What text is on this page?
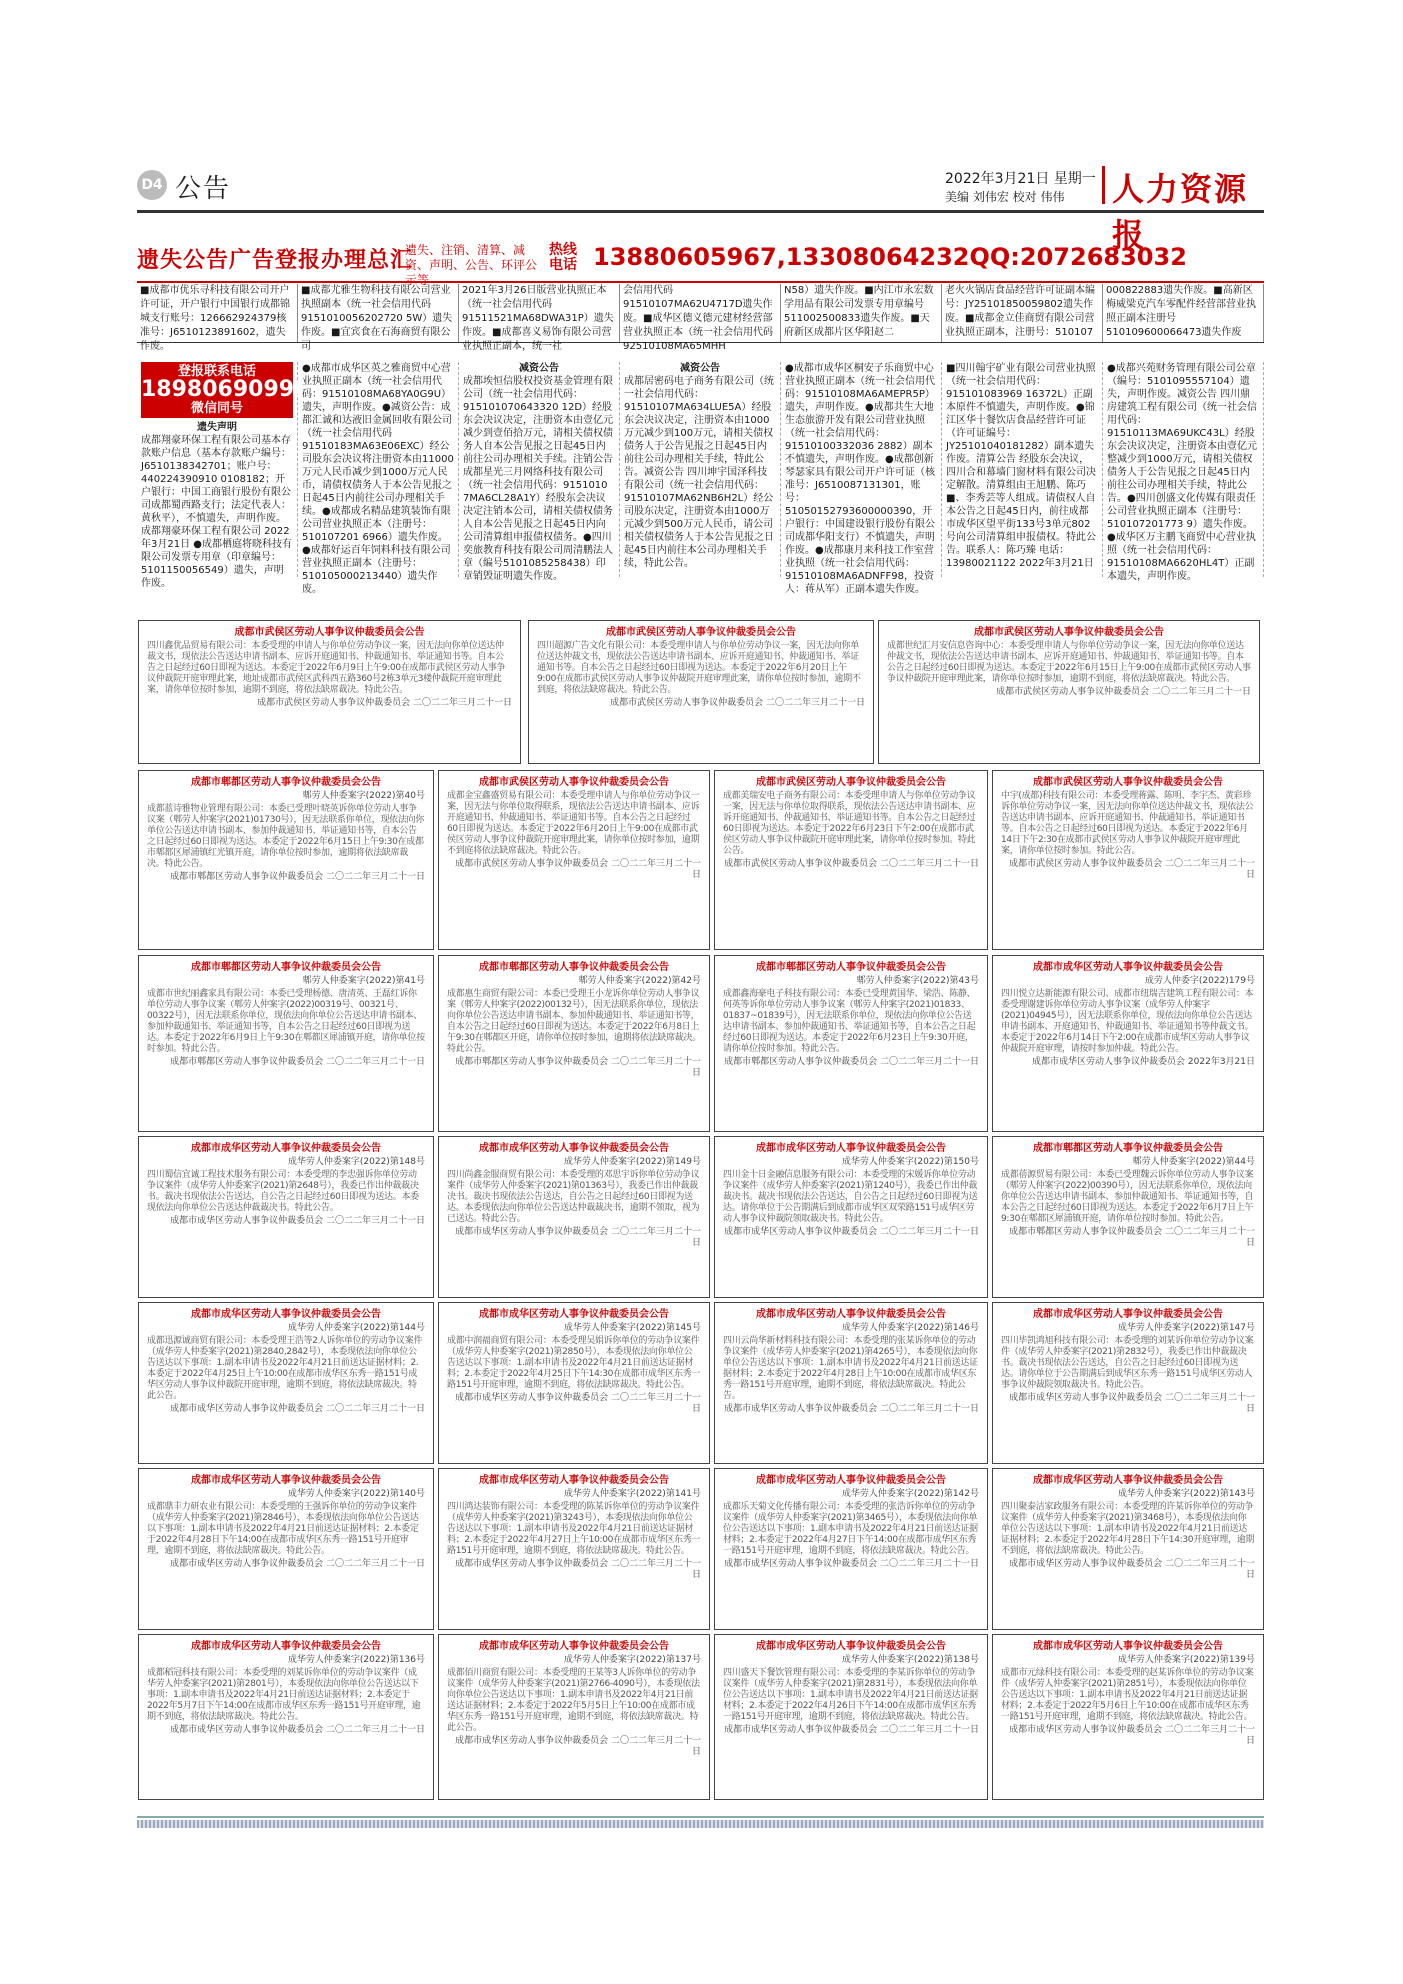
D4 公告	2022年3月21日 星期一
美编 刘伟宏 校对 伟伟 人力资源报
遗失公告广告登报办理总汇
遗失、注销、清算、减资、声明、公告、环评公示等
热线电话 13880605967,13308064232QQ:2072683032
■成都市优乐寻科技有限公司开户许可证，开户银行中国银行成都锦城支行账号：126662924379核准号：J6510123891602，遗失作废。
■成都尤雅生物科技有限公司营业执照副本（统一社会信用代码9151010056202720 5W）遗失作废。■宜宾食在石海商贸有限公司
2021年3月26日版营业执照正本（统一社会信用代码91511521MA68DWA31P）遗失作废。■成都喜义易饰有限公司营业执照正副本，统一社
会信用代码91510107MA62U4717D遗失作废。■成华区德义德元建材经营部营业执照正本（统一社会信用代码92510108MA65MHH
N58）遗失作废。■内江市永宏数学用品有限公司发票专用章编号511002500833遗失作废。■天府新区成都片区华阳赵二
老火火锅店食品经营许可证副本编号：JY25101850059802遗失作废。■成都金立佳商贸有限公司营业执照正副本，注册号：510107
000822883遗失作废。■高新区梅威梁克汽车零配件经营部营业执照正副本注册号510109600066473遗失作废
登报联系电话
18980690996
微信同号
遗失声明
成都翔豪环保工程有限公司基本存款账户信息（基本存款账户编号：J6510138342701；账户号：440224390910 0108182；开户银行：中国工商银行股份有限公司成都蜀西路支行；法定代表人：黄秋平），不慎遗失，声明作废。成都翔豪环保工程有限公司 2022年3月21日 ●成都栖庭将晓科技有限公司发票专用章（印章编号：5101150056549）遗失，声明作废。
●成都市成华区英之雅商贸中心营业执照正副本（统一社会信用代码：91510108MA68YA0G9U）遗失，声明作废。●减资公告：成都汇诚和达液旧金属回收有限公司（统一社会信用代码91510183MA63E06EXC）经公司股东会决议将注册资本由11000万元人民币减少到1000万元人民币，请债权债务人于本公告见报之日起45日内前往公司办理相关手续。●成都成名精品建筑装饰有限公司营业执照正本（注册号：510107201 6966）遗失作废。●成都好运百年饲料科技有限公司营业执照正副本（注册号：510105000213440）遗失作废。
减资公告
成都埃恒信股权投资基金管理有限公司（统一社会信用代码：915101070643320 12D）经股东会决议决定，注册资本由壹亿元减少到壹佰拾万元，请相关债权债务人自本公告见报之日起45日内前往公司办理相关手续。注销公告 成都星光三月网络科技有限公司（统一社会信用代码：9151010 7MA6CL28A1Y）经股东会决议决定注销本公司，请相关债权债务人自本公告见报之日起45日内向公司清算组申报债权债务。●四川奕旅教育科技有限公司周清鹏法人章（编号5101085258438）印章销毁证明遗失作废。
减资公告
成都居密码电子商务有限公司（统一社会信用代码：91510107MA634LUE5A）经股东会决议决定，注册资本由1000万元减少到100万元，请相关债权债务人于公告见报之日起45日内前往公司办理相关手续，特此公告。减资公告 四川坤宇国泽科技有限公司（统一社会信用代码：91510107MA62NB6H2L）经公司股东决定，注册资本由1000万元减少到500万元人民币，请公司相关债权债务人于本公告见报之日起45日内前往本公司办理相关手续，特此公告。
●成都市成华区桐安子乐商贸中心营业执照正副本（统一社会信用代码：91510108MA6AMEPR5P）遗失，声明作废。●成都共生大地生态旅游开发有限公司营业执照（统一社会信用代码：91510100332036 2882）副本不慎遗失，声明作废。●成都创新琴瑟家具有限公司开户许可证（核准号：J6510087131301，账号：51050152793600000390，开户银行：中国建设银行股份有限公司成都华阳支行）不慎遗失，声明作废。●成都康月来科技工作室营业执照（统一社会信用代码：91510108MA6ADNFF98，投资人：蒋从军）正副本遗失作废。
■四川翰宇矿业有限公司营业执照（统一社会信用代码：915101083969 16372L）正副本原件不慎遗失，声明作废。●锦江区华十餐饮店食品经营许可证（许可证编号：JY25101040181282）副本遗失作废。清算公告 经股东会决议，四川合和幕墙门窗材料有限公司决定解散。清算组由王旭鹏、陈巧■、李秀芸等人组成。请债权人自本公告之日起45日内，前往成都市成华区望平街133号3单元802号向公司清算组申报债权。特此公告。联系人：陈巧臻 电话：13980021122 2022年3月21日
●成都兴苑财务管理有限公司公章（编号：5101095557104）遗失，声明作废。减资公告 四川鼎房建筑工程有限公司（统一社会信用代码：91510113MA69UKC43L）经股东会决议决定，注册资本由壹亿元整减少到1000万元，请相关债权债务人于公告见报之日起45日内前往公司办理相关手续，特此公告。●四川创盛文化传媒有限责任公司营业执照正副本（注册号：510107201773 9）遗失作废。●成华区万主鹏飞商贸中心营业执照（统一社会信用代码：91510108MA6620HL4T）正副本遗失，声明作废。
成都市武侯区劳动人事争议仲裁委员会公告
四川鑫优品贸易有限公司：本委受理的申请人与你单位劳动争议一案，因无法向你单位送达仲裁文书，现依法公告送达申请书副本、应诉开庭通知书、仲裁通知书、举证通知书等。自本公告之日起经过60日即视为送达。本委定于2022年6月9日上午9:00在成都市武侯区劳动人事争议仲裁院开庭审理此案，地址成都市武侯区武科西五路360号2栋3单元3楼仲裁院开庭审理此案，请你单位按时参加，逾期不到庭，将依法缺席裁决。特此公告。
成都市武侯区劳动人事争议仲裁委员会 二〇二二年三月二十一日
成都市武侯区劳动人事争议仲裁委员会公告
四川超源广告文化有限公司：本委受理申请人与你单位劳动争议一案，因无法向你单位送达仲裁文书，现依法公告送达申请书副本、应诉开庭通知书、仲裁通知书、举证通知书等。自本公告之日起经过60日即视为送达。本委定于2022年6月20日上午9:00在成都市武侯区劳动人事争议仲裁院开庭审理此案，请你单位按时参加，逾期不到庭，将依法缺席裁决。特此公告。
成都市武侯区劳动人事争议仲裁委员会 二〇二二年三月二十一日
成都市武侯区劳动人事争议仲裁委员会公告
成都世纪汇月安信息咨询中心：本委受理申请人与你单位劳动争议一案，因无法向你单位送达仲裁文书，现依法公告送达申请书副本、应诉开庭通知书、仲裁通知书、举证通知书等。自本公告之日起经过60日即视为送达。本委定于2022年6月15日上午9:00在成都市武侯区劳动人事争议仲裁院开庭审理此案，请你单位按时参加，逾期不到庭，将依法缺席裁决。特此公告。
成都市武侯区劳动人事争议仲裁委员会 二〇二二年三月二十一日
成都市郫都区劳动人事争议仲裁委员会公告
郫劳人仲委案字(2022)第40号
成都蓝诗雅物业管理有限公司：本委已受理叶晓英诉你单位劳动人事争议案（郫劳人仲案字(2021)01730号），因无法联系你单位，现依法向你单位公告送达申请书副本、参加仲裁通知书、举证通知书等，自本公告之日起经过60日即视为送达。本委定于2022年6月15日上午9:30在成都市郫都区犀浦镇红光镇开庭，请你单位按时参加，逾期将依法缺席裁决。特此公告。
成都市郫都区劳动人事争议仲裁委员会 二〇二二年三月二十一日
成都市武侯区劳动人事争议仲裁委员会公告
成都金宝鑫盛贸易有限公司：本委受理申请人与你单位劳动争议一案，因无法与你单位取得联系，现依法公告送达申请书副本、应诉开庭通知书、仲裁通知书、举证通知书等。自本公告之日起经过60日即视为送达。本委定于2022年6月20日上午9:00在成都市武侯区劳动人事争议仲裁院开庭审理此案，请你单位按时参加，逾期不到庭将依法缺席裁决。特此公告。
成都市武侯区劳动人事争议仲裁委员会 二〇二二年三月二十一日
成都市武侯区劳动人事争议仲裁委员会公告
成都美瑞安电子商务有限公司：本委受理申请人与你单位劳动争议一案，因无法与你单位取得联系，现依法公告送达申请书副本、应诉开庭通知书、仲裁通知书、举证通知书等。自本公告之日起经过60日即视为送达。本委定于2022年6月23日下午2:00在成都市武侯区劳动人事争议仲裁院开庭审理此案，请你单位按时参加。特此公告。
成都市武侯区劳动人事争议仲裁委员会 二〇二二年三月二十一日
成都市武侯区劳动人事争议仲裁委员会公告
中宇(成都)科技有限公司：本委受理蒋露、陈明、李宇杰、黄彩珍诉你单位劳动争议一案，因无法向你单位送达仲裁文书，现依法公告送达申请书副本、应诉开庭通知书、仲裁通知书、举证通知书等。自本公告之日起经过60日即视为送达。本委定于2022年6月14日下午2:30在成都市武侯区劳动人事争议仲裁院开庭审理此案，请你单位按时参加。特此公告。
成都市武侯区劳动人事争议仲裁委员会 二〇二二年三月二十一日
成都市郫都区劳动人事争议仲裁委员会公告
郫劳人仲委案字(2022)第41号
成都市世纪丽鑫家具有限公司：本委已受理杨德、唐清英、王磊红诉你单位劳动人事争议案（郫劳人仲案字(2022)00319号、00321号、00322号），因无法联系你单位，现依法向你单位公告送达申请书副本、参加仲裁通知书、举证通知书等，自本公告之日起经过60日即视为送达。本委定于2022年6月9日上午9:30在郫都区犀浦镇开庭，请你单位按时参加。特此公告。
成都市郫都区劳动人事争议仲裁委员会 二〇二二年三月二十一日
成都市郫都区劳动人事争议仲裁委员会公告
郫劳人仲委案字(2022)第42号
成都惠生商贸有限公司：本委已受理王小龙诉你单位劳动人事争议案（郫劳人仲案字(2022)00132号），因无法联系你单位，现依法向你单位公告送达申请书副本、参加仲裁通知书、举证通知书等，自本公告之日起经过60日即视为送达。本委定于2022年6月8日上午9:30在郫都区开庭，请你单位按时参加，逾期将依法缺席裁决。特此公告。
成都市郫都区劳动人事争议仲裁委员会 二〇二二年三月二十一日
成都市郫都区劳动人事争议仲裁委员会公告
郫劳人仲委案字(2022)第43号
成都鑫海豪电子科技有限公司：本委已受理黄国华、梁浩、陈静、何英等诉你单位劳动人事争议案（郫劳人仲案字(2021)01833、01837~01839号），因无法联系你单位，现依法向你单位公告送达申请书副本、参加仲裁通知书、举证通知书等，自本公告之日起经过60日即视为送达。本委定于2022年6月23日上午9:30开庭，请你单位按时参加。特此公告。
成都市郫都区劳动人事争议仲裁委员会 二〇二二年三月二十一日
成都市成华区劳动人事争议仲裁委员会公告
成劳人仲委字(2022)179号
四川悦立达新能源有限公司、成都市纽瑞吉建筑工程有限公司：本委受理谢建诉你单位劳动人事争议案（成华劳人仲案字(2021)04945号），因无法联系你单位，现依法向你单位公告送达申请书副本、开庭通知书、仲裁通知书、举证通知书等仲裁文书。本委定于2022年6月14日下午2:00在成都市成华区劳动人事争议仲裁院开庭审理，请按时参加仲裁。特此公告。
成都市成华区劳动人事争议仲裁委员会 2022年3月21日
成都市成华区劳动人事争议仲裁委员会公告
成华劳人仲委案字(2022)第148号
四川蜀信宜诚工程技术服务有限公司：本委受理的李忠强诉你单位劳动争议案件（成华劳人仲委案字(2021)第2648号），我委已作出仲裁裁决书。裁决书现依法公告送达，自公告之日起经过60日即视为送达。本委现依法向你单位公告送达仲裁裁决书。特此公告。
成都市成华区劳动人事争议仲裁委员会 二〇二二年三月二十一日
成都市成华区劳动人事争议仲裁委员会公告
成华劳人仲委案字(2022)第149号
四川尚鑫金服商贸有限公司：本委受理的邓思宇诉你单位劳动争议案件（成华劳人仲委案字(2021)第01363号），我委已作出仲裁裁决书。裁决书现依法公告送达，自公告之日起经过60日即视为送达。本委现依法向你单位公告送达仲裁裁决书，逾期不领取，视为已送达。特此公告。
成都市成华区劳动人事争议仲裁委员会 二〇二二年三月二十一日
成都市成华区劳动人事争议仲裁委员会公告
成华劳人仲委案字(2022)第150号
四川金十日金融信息服务有限公司：本委受理的宋媛诉你单位劳动争议案件（成华劳人仲委案字(2021)第1240号），我委已作出仲裁裁决书。裁决书现依法公告送达，自公告之日起经过60日即视为送达。请你单位于公告期满后到成都市成华区双荣路151号成华区劳动人事争议仲裁院领取裁决书。特此公告。
成都市成华区劳动人事争议仲裁委员会 二〇二二年三月二十一日
成都市郫都区劳动人事争议仲裁委员会公告
郫劳人仲委案字(2022)第44号
成都蓓源贸易有限公司：本委已受理魏云诉你单位劳动人事争议案（郫劳人仲案字(2022)00390号），因无法联系你单位，现依法向你单位公告送达申请书副本、参加仲裁通知书、举证通知书等，自本公告之日起经过60日即视为送达。本委定于2022年6月7日上午9:30在郫都区犀浦镇开庭，请你单位按时参加。特此公告。
成都市郫都区劳动人事争议仲裁委员会 二〇二二年三月二十一日
成都市成华区劳动人事争议仲裁委员会公告
成华劳人仲委案字(2022)第144号
成都迅源诚商贸有限公司：本委受理王浩等2人诉你单位的劳动争议案件（成华劳人仲委案字(2021)第2840,2842号），本委现依法向你单位公告送达以下事项：1.副本申请书及2022年4月21日前送达证据材料；2.本委定于2022年4月25日上午10:00在成都市成华区东秀一路151号成华区劳动人事争议仲裁院开庭审理，逾期不到庭，将依法缺席裁决。特此公告。
成都市成华区劳动人事争议仲裁委员会 二〇二二年三月二十一日
成都市成华区劳动人事争议仲裁委员会公告
成华劳人仲委案字(2022)第145号
成都中润福商贸有限公司：本委受理吴娟诉你单位的劳动争议案件（成华劳人仲委案字(2021)第2850号），本委现依法向你单位公告送达以下事项：1.副本申请书及2022年4月21日前送达证据材料；2.本委定于2022年4月25日下午14:30在成都市成华区东秀一路151号开庭审理，逾期不到庭，将依法缺席裁决。特此公告。
成都市成华区劳动人事争议仲裁委员会 二〇二二年三月二十一日
成都市成华区劳动人事争议仲裁委员会公告
成华劳人仲委案字(2022)第146号
四川云尚华新材料科技有限公司：本委受理的张某诉你单位的劳动争议案件（成华劳人仲委案字(2021)第4265号），本委现依法向你单位公告送达以下事项：1.副本申请书及2022年4月21日前送达证据材料；2.本委定于2022年4月28日上午10:00在成都市成华区东秀一路151号开庭审理，逾期不到庭，将依法缺席裁决。特此公告。
成都市成华区劳动人事争议仲裁委员会 二〇二二年三月二十一日
成都市成华区劳动人事争议仲裁委员会公告
成华劳人仲委案字(2022)第147号
四川毕凯鸿旭科技有限公司：本委受理的刘某诉你单位劳动争议案件（成华劳人仲委案字(2021)第2832号），我委已作出仲裁裁决书。裁决书现依法公告送达，自公告之日起经过60日即视为送达。请你单位于公告期满后到成华区东秀一路151号成华区劳动人事争议仲裁院领取裁决书。特此公告。
成都市成华区劳动人事争议仲裁委员会 二〇二二年三月二十一日
成都市成华区劳动人事争议仲裁委员会公告
成华劳人仲委案字(2022)第140号
成都鼎丰力研农业有限公司：本委受理的王强诉你单位的劳动争议案件（成华劳人仲委案字(2021)第2846号），本委现依法向你单位公告送达以下事项：1.副本申请书及2022年4月21日前送达证据材料；2.本委定于2022年4月28日下午14:00在成都市成华区东秀一路151号开庭审理，逾期不到庭，将依法缺席裁决。特此公告。
成都市成华区劳动人事争议仲裁委员会 二〇二二年三月二十一日
成都市成华区劳动人事争议仲裁委员会公告
成华劳人仲委案字(2022)第141号
四川鸿达装饰有限公司：本委受理的陈某诉你单位的劳动争议案件（成华劳人仲委案字(2021)第3243号），本委现依法向你单位公告送达以下事项：1.副本申请书及2022年4月21日前送达证据材料；2.本委定于2022年4月27日上午10:00在成都市成华区东秀一路151号开庭审理，逾期不到庭，将依法缺席裁决。特此公告。
成都市成华区劳动人事争议仲裁委员会 二〇二二年三月二十一日
成都市成华区劳动人事争议仲裁委员会公告
成华劳人仲委案字(2022)第142号
成都乐天菊文化传播有限公司：本委受理的张浩诉你单位的劳动争议案件（成华劳人仲委案字(2021)第3465号），本委现依法向你单位公告送达以下事项：1.副本申请书及2022年4月21日前送达证据材料；2.本委定于2022年4月27日下午14:00在成都市成华区东秀一路151号开庭审理，逾期不到庭，将依法缺席裁决。特此公告。
成都市成华区劳动人事争议仲裁委员会 二〇二二年三月二十一日
成都市成华区劳动人事争议仲裁委员会公告
成华劳人仲委案字(2022)第143号
四川聚泰洁家政服务有限公司：本委受理的许某诉你单位的劳动争议案件（成华劳人仲委案字(2021)第3468号），本委现依法向你单位公告送达以下事项：1.副本申请书及2022年4月21日前送达证据材料；2.本委定于2022年4月28日下午14:30开庭审理，逾期不到庭，将依法缺席裁决。特此公告。
成都市成华区劳动人事争议仲裁委员会 二〇二二年三月二十一日
成都市成华区劳动人事争议仲裁委员会公告
成华劳人仲委案字(2022)第136号
成都稻冠科技有限公司：本委受理的刘某诉你单位的劳动争议案件（成华劳人仲委案字(2021)第2801号），本委现依法向你单位公告送达以下事项：1.副本申请书及2022年4月21日前送达证据材料；2.本委定于2022年5月7日下午14:00在成都市成华区东秀一路151号开庭审理，逾期不到庭，将依法缺席裁决。特此公告。
成都市成华区劳动人事争议仲裁委员会 二〇二二年三月二十一日
成都市成华区劳动人事争议仲裁委员会公告
成华劳人仲委案字(2022)第137号
成都佰川商贸有限公司：本委受理的王某等3人诉你单位的劳动争议案件（成华劳人仲委案字(2021)第2766-4090号），本委现依法向你单位公告送达以下事项：1.副本申请书及2022年4月21日前送达证据材料；2.本委定于2022年5月5日上午10:00在成都市成华区东秀一路151号开庭审理，逾期不到庭，将依法缺席裁决。特此公告。
成都市成华区劳动人事争议仲裁委员会 二〇二二年三月二十一日
成都市成华区劳动人事争议仲裁委员会公告
成华劳人仲委案字(2022)第138号
四川盛天下餐饮管理有限公司：本委受理的李某诉你单位的劳动争议案件（成华劳人仲委案字(2021)第2831号），本委现依法向你单位公告送达以下事项：1.副本申请书及2022年4月21日前送达证据材料；2.本委定于2022年4月26日下午14:00在成都市成华区东秀一路151号开庭审理，逾期不到庭，将依法缺席裁决。特此公告。
成都市成华区劳动人事争议仲裁委员会 二〇二二年三月二十一日
成都市成华区劳动人事争议仲裁委员会公告
成华劳人仲委案字(2022)第139号
成都市元绿科技有限公司：本委受理的赵某诉你单位的劳动争议案件（成华劳人仲委案字(2021)第2851号），本委现依法向你单位公告送达以下事项：1.副本申请书及2022年4月21日前送达证据材料；2.本委定于2022年5月6日上午10:00在成都市成华区东秀一路151号开庭审理，逾期不到庭，将依法缺席裁决。特此公告。
成都市成华区劳动人事争议仲裁委员会 二〇二二年三月二十一日
